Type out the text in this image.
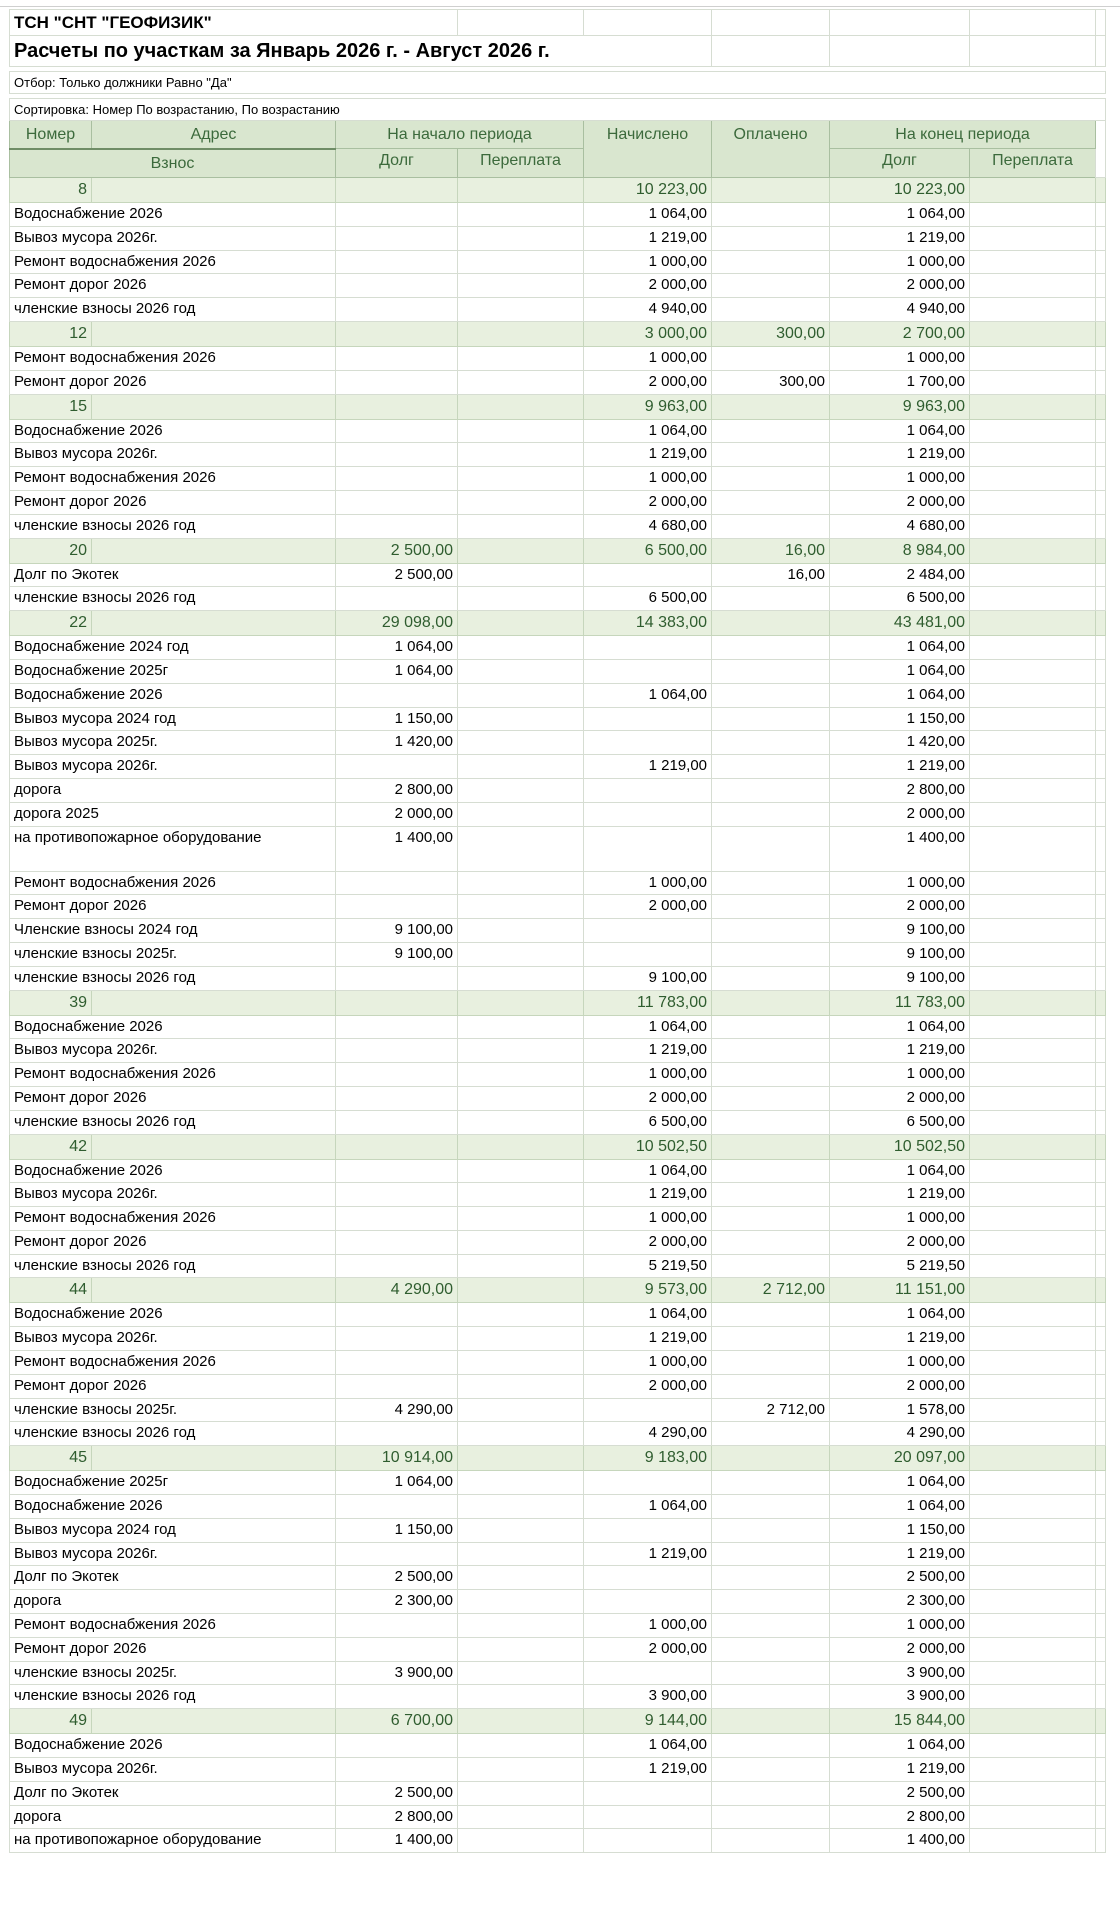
ТСН "СНТ "ГЕОФИЗИК"								
Расчеты по участкам за Январь 2026 г. - Август 2026 г.								

Отбор: Только должники Равно "Да"								

Сортировка: Номер По возрастанию, По возрастанию								
Номер	Адрес	На начало периода		Начислено	Оплачено	На конец периода		
		Долг	Переплата			Долг	Переплата	
Взнос								
8				10 223,00		10 223,00		
Водоснабжение 2026				1 064,00		1 064,00		
Вывоз мусора 2026г.				1 219,00		1 219,00		
Ремонт водоснабжения 2026				1 000,00		1 000,00		
Ремонт дорог 2026				2 000,00		2 000,00		
членские взносы 2026 год				4 940,00		4 940,00		
12				3 000,00	300,00	2 700,00		
Ремонт водоснабжения 2026				1 000,00		1 000,00		
Ремонт дорог 2026				2 000,00	300,00	1 700,00		
15				9 963,00		9 963,00		
Водоснабжение 2026				1 064,00		1 064,00		
Вывоз мусора 2026г.				1 219,00		1 219,00		
Ремонт водоснабжения 2026				1 000,00		1 000,00		
Ремонт дорог 2026				2 000,00		2 000,00		
членские взносы 2026 год				4 680,00		4 680,00		
20		2 500,00		6 500,00	16,00	8 984,00		
Долг по Экотек		2 500,00			16,00	2 484,00		
членские взносы 2026 год				6 500,00		6 500,00		
22		29 098,00		14 383,00		43 481,00		
Водоснабжение 2024 год		1 064,00				1 064,00		
Водоснабжение 2025г		1 064,00				1 064,00		
Водоснабжение 2026				1 064,00		1 064,00		
Вывоз мусора 2024 год		1 150,00				1 150,00		
Вывоз мусора 2025г.		1 420,00				1 420,00		
Вывоз мусора 2026г.				1 219,00		1 219,00		
дорога		2 800,00				2 800,00		
дорога 2025		2 000,00				2 000,00		
на противопожарное оборудование		1 400,00				1 400,00		
Ремонт водоснабжения 2026				1 000,00		1 000,00		
Ремонт дорог 2026				2 000,00		2 000,00		
Членские взносы 2024 год		9 100,00				9 100,00		
членские взносы 2025г.		9 100,00				9 100,00		
членские взносы 2026 год				9 100,00		9 100,00		
39				11 783,00		11 783,00		
Водоснабжение 2026				1 064,00		1 064,00		
Вывоз мусора 2026г.				1 219,00		1 219,00		
Ремонт водоснабжения 2026				1 000,00		1 000,00		
Ремонт дорог 2026				2 000,00		2 000,00		
членские взносы 2026 год				6 500,00		6 500,00		
42				10 502,50		10 502,50		
Водоснабжение 2026				1 064,00		1 064,00		
Вывоз мусора 2026г.				1 219,00		1 219,00		
Ремонт водоснабжения 2026				1 000,00		1 000,00		
Ремонт дорог 2026				2 000,00		2 000,00		
членские взносы 2026 год				5 219,50		5 219,50		
44		4 290,00		9 573,00	2 712,00	11 151,00		
Водоснабжение 2026				1 064,00		1 064,00		
Вывоз мусора 2026г.				1 219,00		1 219,00		
Ремонт водоснабжения 2026				1 000,00		1 000,00		
Ремонт дорог 2026				2 000,00		2 000,00		
членские взносы 2025г.		4 290,00			2 712,00	1 578,00		
членские взносы 2026 год				4 290,00		4 290,00		
45		10 914,00		9 183,00		20 097,00		
Водоснабжение 2025г		1 064,00				1 064,00		
Водоснабжение 2026				1 064,00		1 064,00		
Вывоз мусора 2024 год		1 150,00				1 150,00		
Вывоз мусора 2026г.				1 219,00		1 219,00		
Долг по Экотек		2 500,00				2 500,00		
дорога		2 300,00				2 300,00		
Ремонт водоснабжения 2026				1 000,00		1 000,00		
Ремонт дорог 2026				2 000,00		2 000,00		
членские взносы 2025г.		3 900,00				3 900,00		
членские взносы 2026 год				3 900,00		3 900,00		
49		6 700,00		9 144,00		15 844,00		
Водоснабжение 2026				1 064,00		1 064,00		
Вывоз мусора 2026г.				1 219,00		1 219,00		
Долг по Экотек		2 500,00				2 500,00		
дорога		2 800,00				2 800,00		
на противопожарное оборудование		1 400,00				1 400,00		
